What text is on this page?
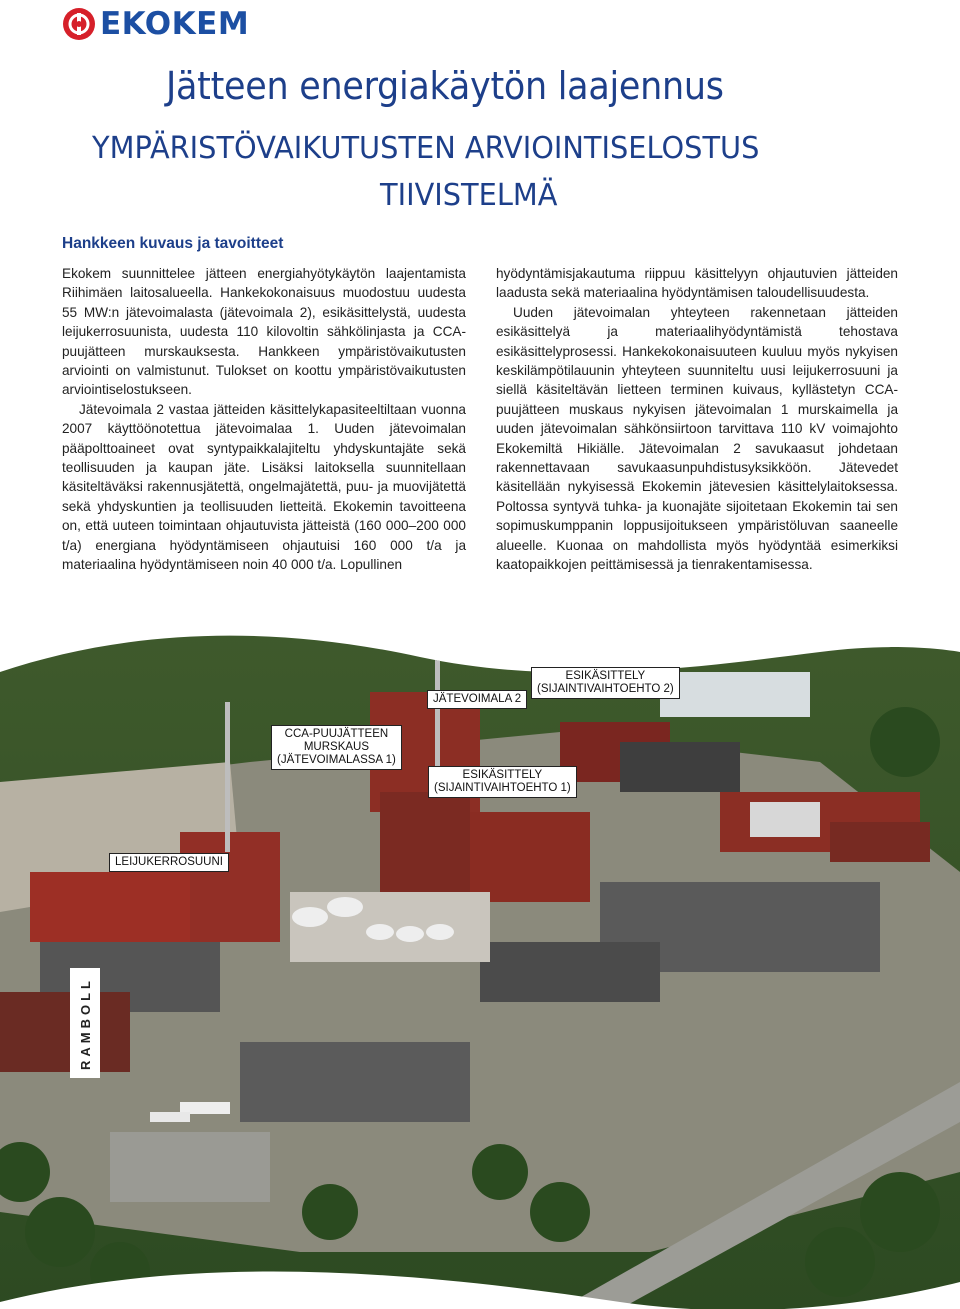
EKOKEM
Jätteen energiakäytön laajennus
YMPÄRISTÖVAIKUTUSTEN ARVIOINTISELOSTUS
TIIVISTELMÄ
Hankkeen kuvaus ja tavoitteet

Ekokem suunnittelee jätteen energiahyötykäytön laajentamista Riihimäen laitosalueella. Hankekokonaisuus muodostuu uudesta 55 MW:n jätevoimalasta (jätevoimala 2), esikäsittelystä, uudesta leijukerrosuunista, uudesta 110 kilovoltin sähkölinjasta ja CCA-puujätteen murskauksesta. Hankkeen ympäristövaikutusten arviointi on valmistunut. Tulokset on koottu ympäristövaikutusten arviointiselostukseen.

Jätevoimala 2 vastaa jätteiden käsittelykapasiteeltiltaan vuonna 2007 käyttöönotettua jätevoimalaa 1. Uuden jätevoimalan pääpolttoaineet ovat syntypaikkalajiteltu yhdyskuntajäte sekä teollisuuden ja kaupan jäte. Lisäksi laitoksella suunnitellaan käsiteltäväksi rakennusjätettä, ongelmajätettä, puu- ja muovijätettä sekä yhdyskuntien ja teollisuuden lietteitä. Ekokemin tavoitteena on, että uuteen toimintaan ohjautuvista jätteistä (160 000–200 000 t/a) energiana hyödyntämiseen ohjautuisi 160 000 t/a ja materiaalina hyödyntämiseen noin 40 000 t/a. Lopullinen

hyödyntämisjakautuma riippuu käsittelyyn ohjautuvien jätteiden laadusta sekä materiaalina hyödyntämisen taloudellisuudesta.

Uuden jätevoimalan yhteyteen rakennetaan jätteiden esikäsittelyä ja materiaalihyödyntämistä tehostava esikäsittelyprosessi. Hankekokonaisuuteen kuuluu myös nykyisen keskilämpötilauunin yhteyteen suunniteltu uusi leijukerrosuuni ja siellä käsiteltävän lietteen terminen kuivaus, kyllästetyn CCA-puujätteen muskaus nykyisen jätevoimalan 1 murskaimella ja uuden jätevoimalan sähkönsiirtoon tarvittava 110 kV voimajohto Ekokemiltä Hikiälle. Jätevoimalan 2 savukaasut johdetaan rakennettavaan savukaasunpuhdistusyksikköön. Jätevedet käsitellään nykyisessä Ekokemin jätevesien käsittelylaitoksessa. Poltossa syntyvä tuhka- ja kuonajäte sijoitetaan Ekokemin tai sen sopimuskumppanin loppusijoitukseen ympäristöluvan saaneelle alueelle. Kuonaa on mahdollista myös hyödyntää esimerkiksi kaatopaikkojen peittämisessä ja tienrakentamisessa.

JÄTEVOIMALA 2
ESIKÄSITTELY
(SIJAINTIVAIHTOEHTO 2)
CCA-PUUJÄTTEEN
MURSKAUS
(JÄTEVOIMALASSA 1)
ESIKÄSITTELY
(SIJAINTIVAIHTOEHTO 1)
LEIJUKERROSUUNI
RAMBOLL
